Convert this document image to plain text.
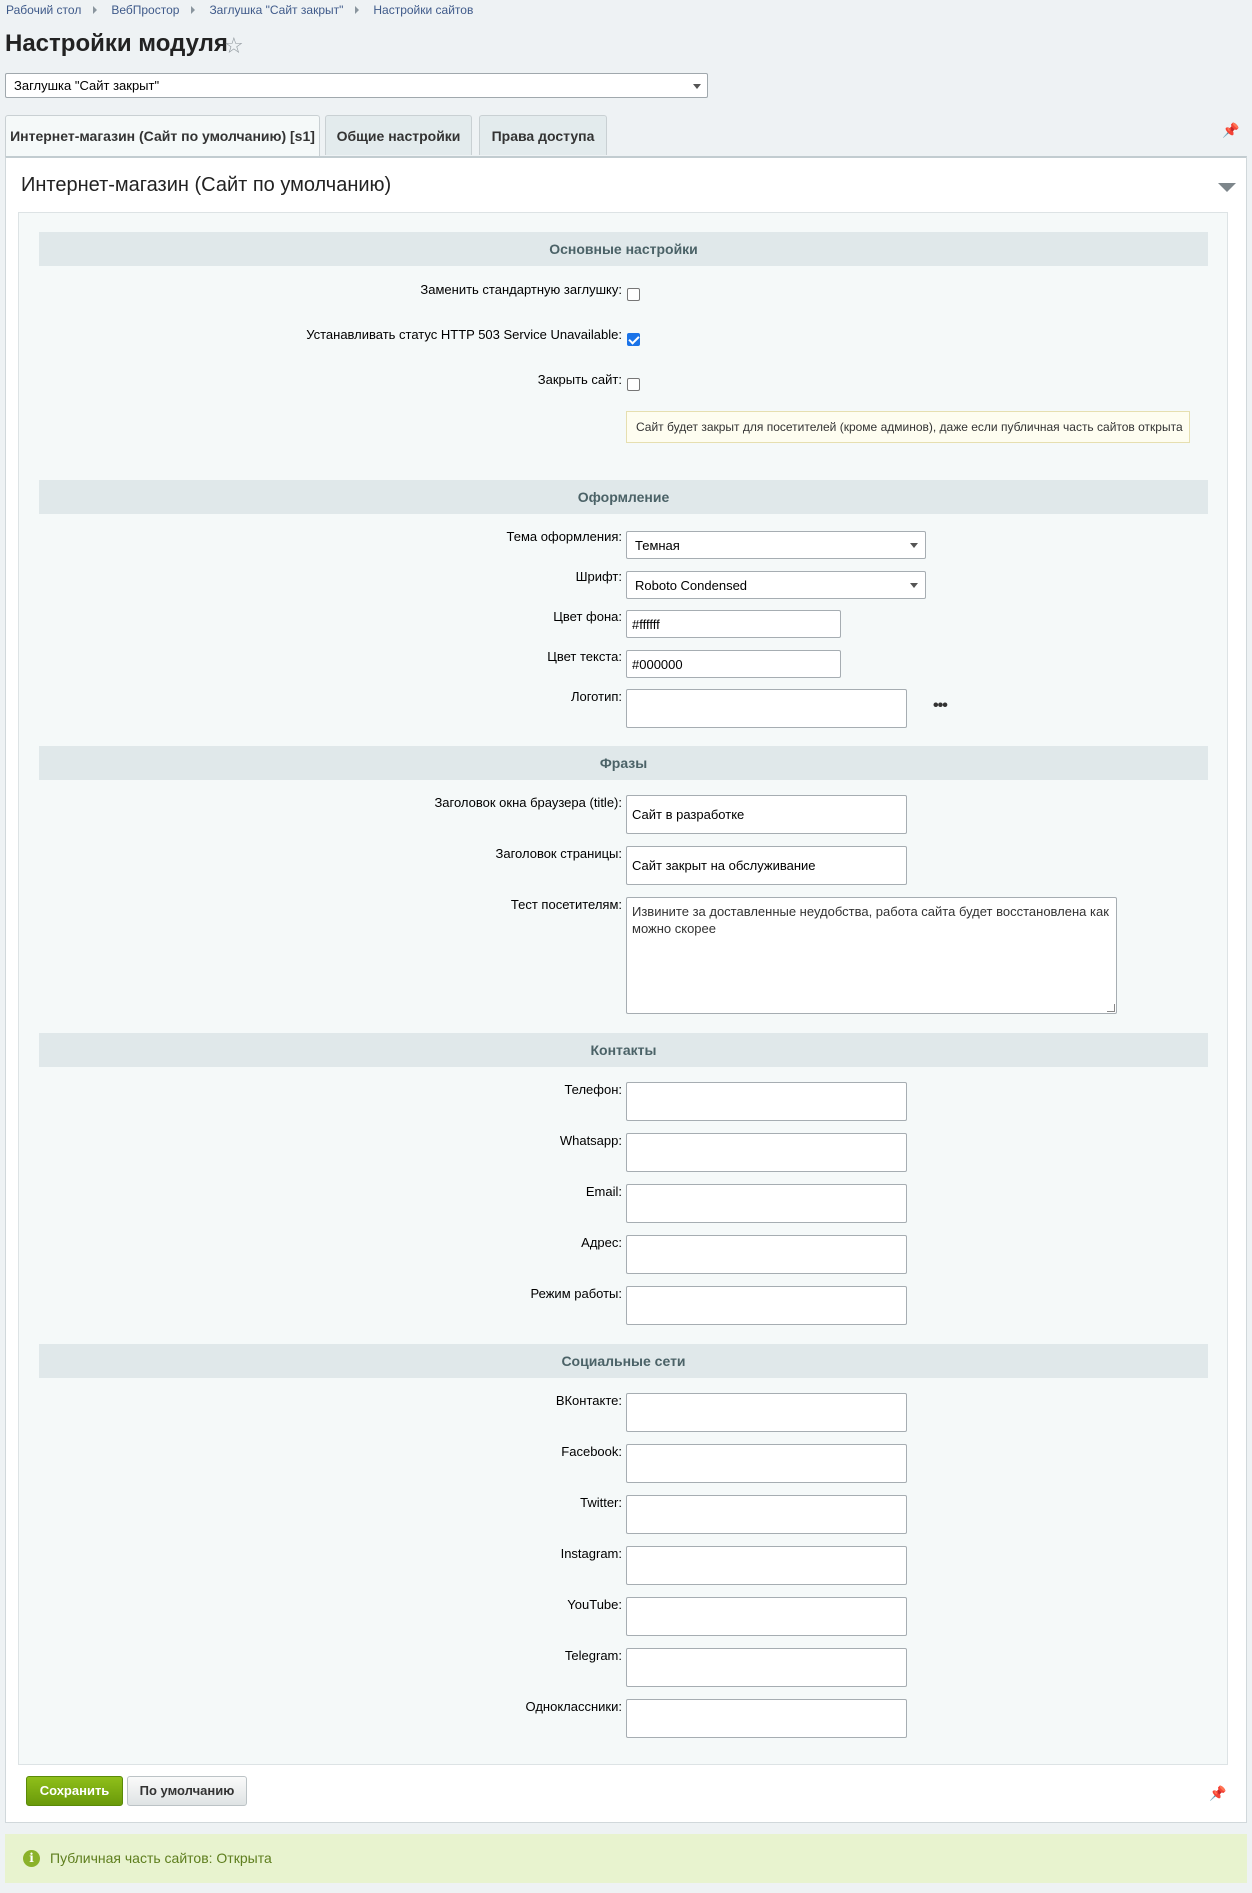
Рабочий стол	ВебПростор	Заглушка "Сайт закрыт"	Настройки сайтов
Настройки модуля
☆
Заглушка "Сайт закрыт"
Интернет-магазин (Сайт по умолчанию) [s1]	Общие настройки	Права доступа	📌
Интернет-магазин (Сайт по умолчанию)
Основные настройки
Заменить стандартную заглушку:
Устанавливать статус HTTP 503 Service Unavailable:
Закрыть сайт:
Сайт будет закрыт для посетителей (кроме админов), даже если публичная часть сайтов открыта
Оформление
Тема оформления:
Темная
Шрифт:
Roboto Condensed
Цвет фона:
#ffffff
Цвет текста:
#000000
Логотип:
•••
Фразы
Заголовок окна браузера (title):
Сайт в разработке
Заголовок страницы:
Сайт закрыт на обслуживание
Тест посетителям: Извините за доставленные неудобства, работа сайта будет восстановлена как можно скорее
Контакты
Телефон:
Whatsapp:
Email:
Адрес:
Режим работы:
Социальные сети
ВКонтакте:
Facebook:
Twitter:
Instagram:
YouTube:
Telegram:
Одноклассники:
Сохранить	По умолчанию	📌
i	Публичная часть сайтов: Открыта
